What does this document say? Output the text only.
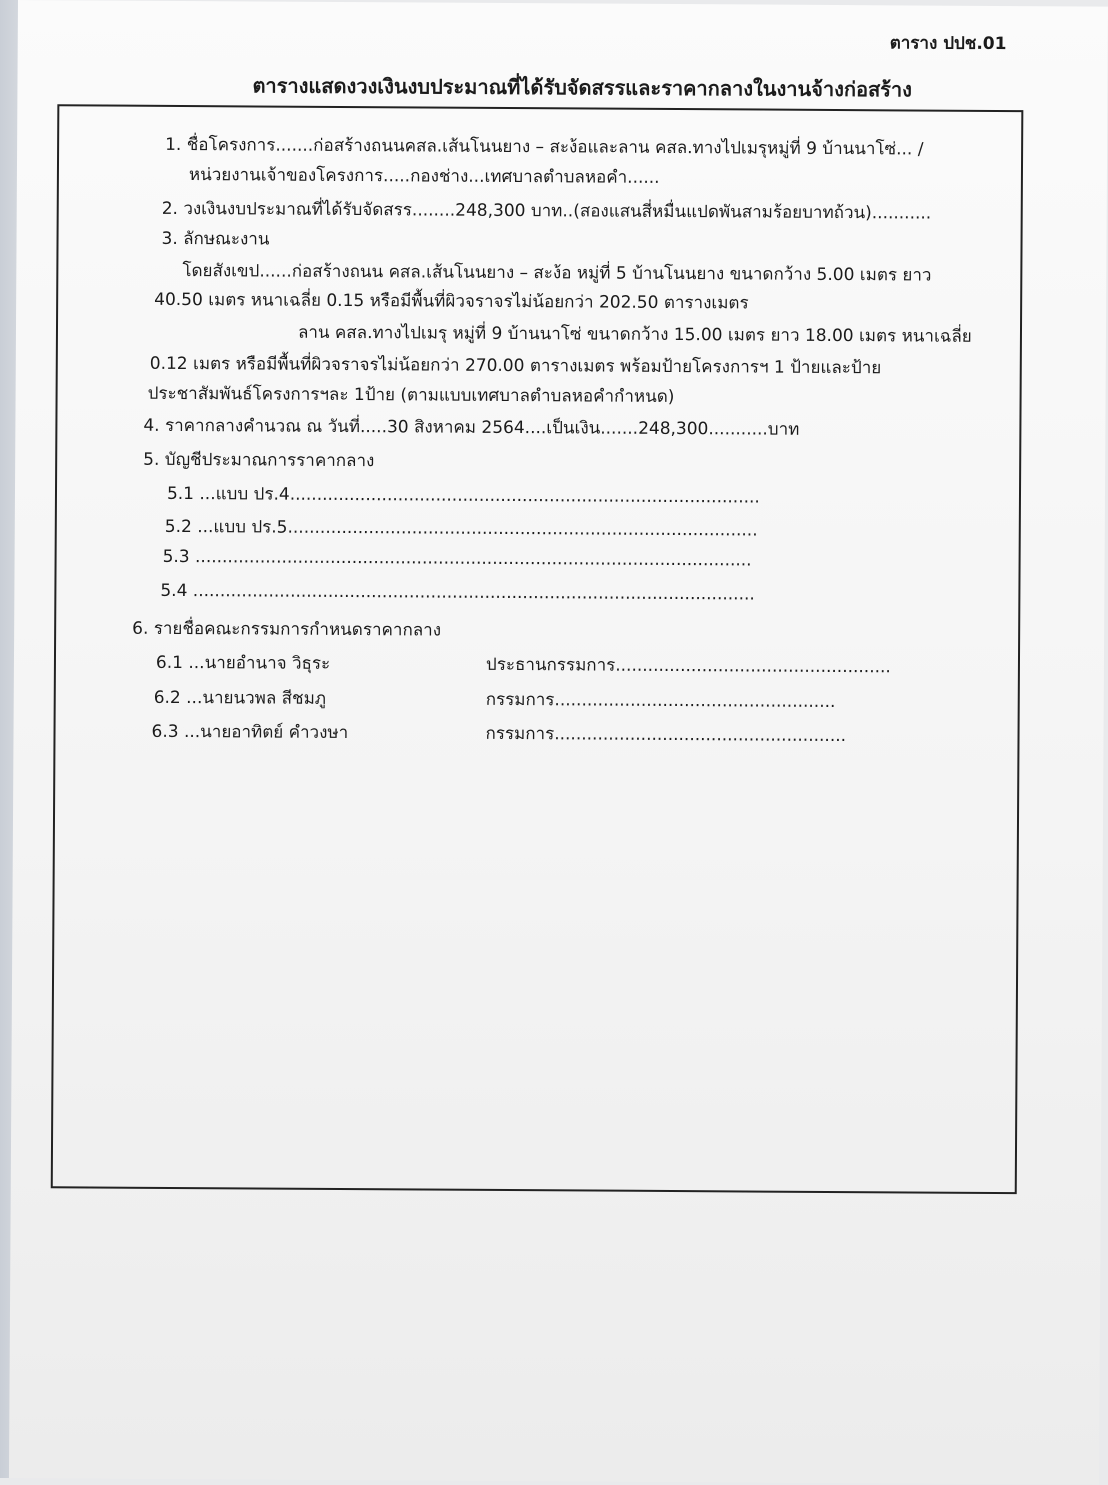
ตาราง ปปช.01
ตารางแสดงวงเงินงบประมาณที่ได้รับจัดสรรและราคากลางในงานจ้างก่อสร้าง
1. ชื่อโครงการ.......ก่อสร้างถนนคสล.เส้นโนนยาง – สะง้อและลาน คสล.ทางไปเมรุหมู่ที่ 9 บ้านนาโซ่... /
หน่วยงานเจ้าของโครงการ.....กองช่าง...เทศบาลตำบลหอคำ......
2. วงเงินงบประมาณที่ได้รับจัดสรร........248,300 บาท..(สองแสนสี่หมื่นแปดพันสามร้อยบาทถ้วน)...........
3. ลักษณะงาน
โดยสังเขป......ก่อสร้างถนน คสล.เส้นโนนยาง – สะง้อ หมู่ที่ 5 บ้านโนนยาง ขนาดกว้าง 5.00 เมตร ยาว
40.50 เมตร หนาเฉลี่ย 0.15 หรือมีพื้นที่ผิวจราจรไม่น้อยกว่า 202.50 ตารางเมตร
ลาน คสล.ทางไปเมรุ หมู่ที่ 9 บ้านนาโซ่ ขนาดกว้าง 15.00 เมตร ยาว 18.00 เมตร หนาเฉลี่ย
0.12 เมตร หรือมีพื้นที่ผิวจราจรไม่น้อยกว่า 270.00 ตารางเมตร พร้อมป้ายโครงการฯ 1 ป้ายและป้าย
ประชาสัมพันธ์โครงการฯละ 1ป้าย (ตามแบบเทศบาลตำบลหอคำกำหนด)
4. ราคากลางคำนวณ ณ วันที่.....30 สิงหาคม 2564....เป็นเงิน.......248,300...........บาท
5. บัญชีประมาณการราคากลาง
5.1 ...แบบ ปร.4.......................................................................................
5.2 ...แบบ ปร.5.......................................................................................
5.3 .......................................................................................................
5.4 ........................................................................................................
6. รายชื่อคณะกรรมการกำหนดราคากลาง
6.1 ...นายอำนาจ วิธุระ	ประธานกรรมการ...................................................
6.2 ...นายนวพล สีชมภู	กรรมการ....................................................
6.3 ...นายอาทิตย์ คำวงษา	กรรมการ......................................................
